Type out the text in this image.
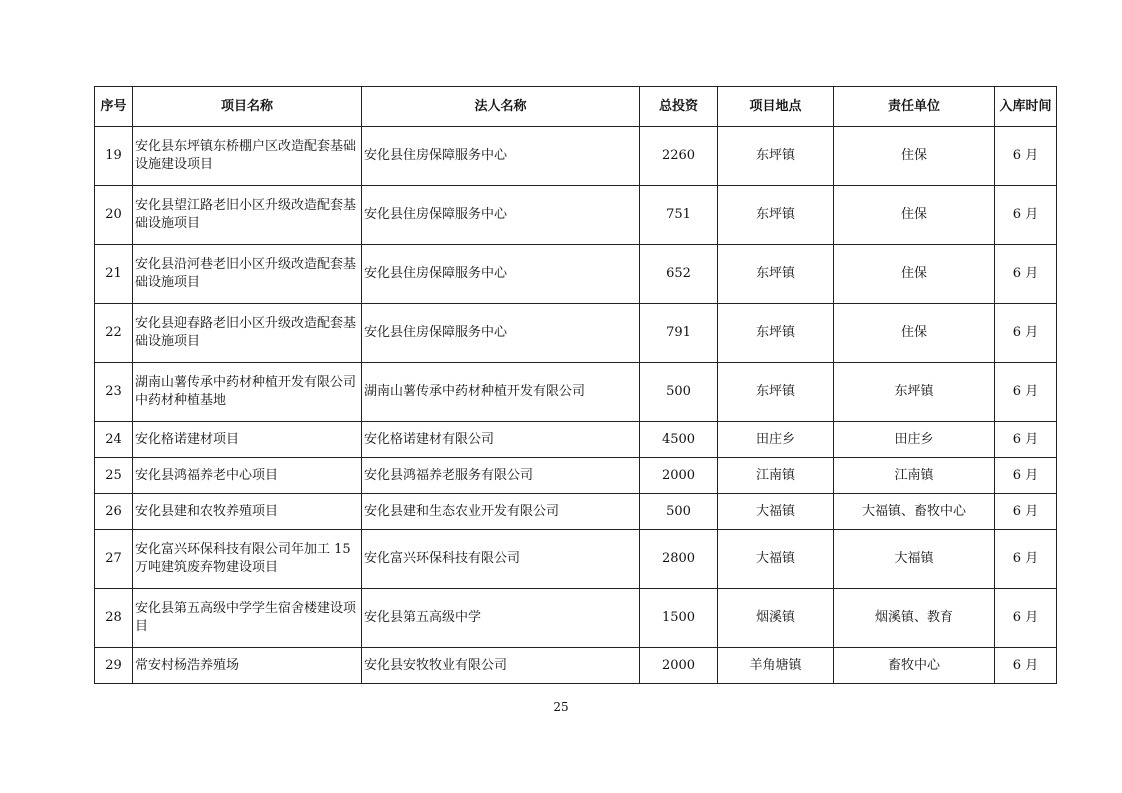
序号	项目名称	法人名称	总投资	项目地点	责任单位	入库时间
19	安化县东坪镇东桥棚户区改造配套基础设施建设项目	安化县住房保障服务中心	2260	东坪镇	住保	6 月
20	安化县望江路老旧小区升级改造配套基础设施项目	安化县住房保障服务中心	751	东坪镇	住保	6 月
21	安化县沿河巷老旧小区升级改造配套基础设施项目	安化县住房保障服务中心	652	东坪镇	住保	6 月
22	安化县迎春路老旧小区升级改造配套基础设施项目	安化县住房保障服务中心	791	东坪镇	住保	6 月
23	湖南山薯传承中药材种植开发有限公司中药材种植基地	湖南山薯传承中药材种植开发有限公司	500	东坪镇	东坪镇	6 月
24	安化格诺建材项目	安化格诺建材有限公司	4500	田庄乡	田庄乡	6 月
25	安化县鸿福养老中心项目	安化县鸿福养老服务有限公司	2000	江南镇	江南镇	6 月
26	安化县建和农牧养殖项目	安化县建和生态农业开发有限公司	500	大福镇	大福镇、畜牧中心	6 月
27	安化富兴环保科技有限公司年加工 15 万吨建筑废弃物建设项目	安化富兴环保科技有限公司	2800	大福镇	大福镇	6 月
28	安化县第五高级中学学生宿舍楼建设项目	安化县第五高级中学	1500	烟溪镇	烟溪镇、教育	6 月
29	常安村杨浩养殖场	安化县安牧牧业有限公司	2000	羊角塘镇	畜牧中心	6 月
25
